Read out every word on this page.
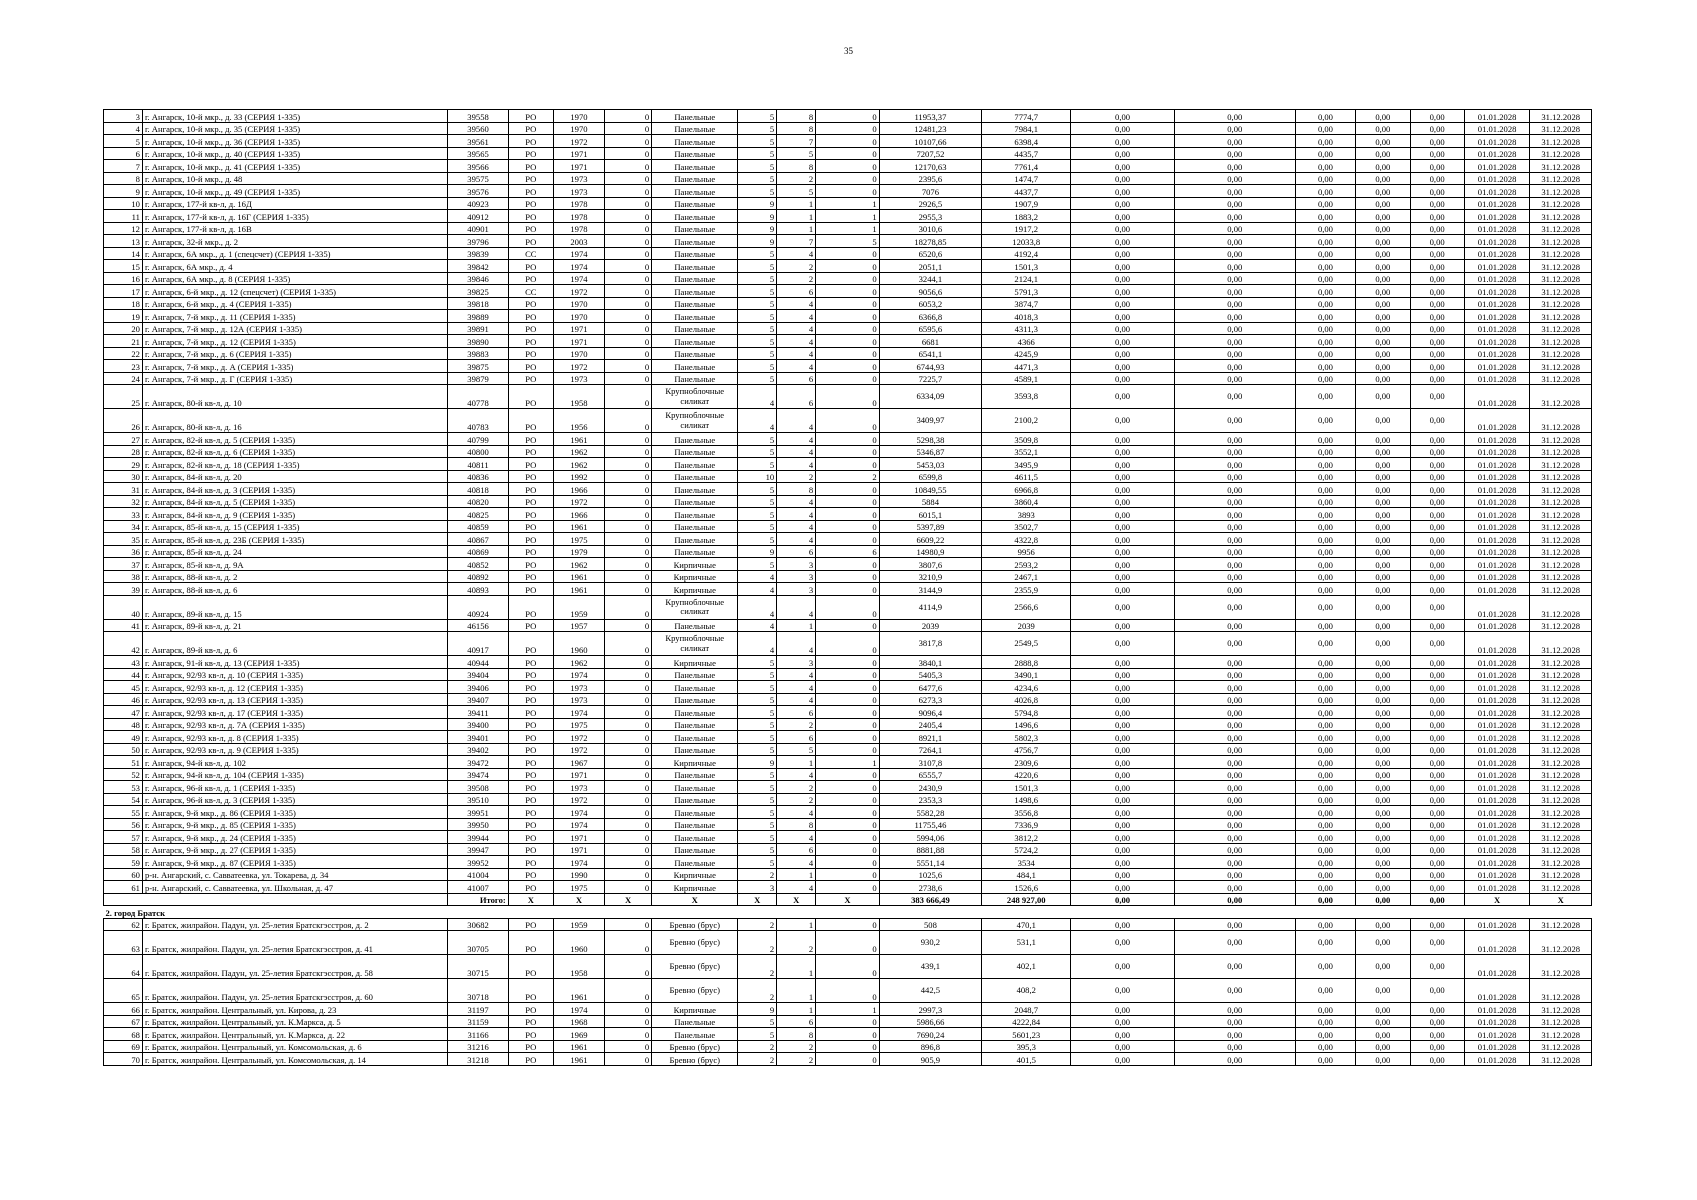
35
3	г. Ангарск, 10-й мкр., д. 33 (СЕРИЯ 1-335)	39558	РО	1970	0	Панельные	5	8	0	11953,37	7774,7	0,00	0,00	0,00	0,00	0,00	01.01.2028	31.12.2028
4	г. Ангарск, 10-й мкр., д. 35 (СЕРИЯ 1-335)	39560	РО	1970	0	Панельные	5	8	0	12481,23	7984,1	0,00	0,00	0,00	0,00	0,00	01.01.2028	31.12.2028
5	г. Ангарск, 10-й мкр., д. 36 (СЕРИЯ 1-335)	39561	РО	1972	0	Панельные	5	7	0	10107,66	6398,4	0,00	0,00	0,00	0,00	0,00	01.01.2028	31.12.2028
6	г. Ангарск, 10-й мкр., д. 40 (СЕРИЯ 1-335)	39565	РО	1971	0	Панельные	5	5	0	7207,52	4435,7	0,00	0,00	0,00	0,00	0,00	01.01.2028	31.12.2028
7	г. Ангарск, 10-й мкр., д. 41 (СЕРИЯ 1-335)	39566	РО	1971	0	Панельные	5	8	0	12170,63	7761,4	0,00	0,00	0,00	0,00	0,00	01.01.2028	31.12.2028
8	г. Ангарск, 10-й мкр., д. 48	39575	РО	1973	0	Панельные	5	2	0	2395,6	1474,7	0,00	0,00	0,00	0,00	0,00	01.01.2028	31.12.2028
9	г. Ангарск, 10-й мкр., д. 49 (СЕРИЯ 1-335)	39576	РО	1973	0	Панельные	5	5	0	7076	4437,7	0,00	0,00	0,00	0,00	0,00	01.01.2028	31.12.2028
10	г. Ангарск, 177-й кв-л, д. 16Д	40923	РО	1978	0	Панельные	9	1	1	2926,5	1907,9	0,00	0,00	0,00	0,00	0,00	01.01.2028	31.12.2028
11	г. Ангарск, 177-й кв-л, д. 16Г (СЕРИЯ 1-335)	40912	РО	1978	0	Панельные	9	1	1	2955,3	1883,2	0,00	0,00	0,00	0,00	0,00	01.01.2028	31.12.2028
12	г. Ангарск, 177-й кв-л, д. 16В	40901	РО	1978	0	Панельные	9	1	1	3010,6	1917,2	0,00	0,00	0,00	0,00	0,00	01.01.2028	31.12.2028
13	г. Ангарск, 32-й мкр., д. 2	39796	РО	2003	0	Панельные	9	7	5	18278,85	12033,8	0,00	0,00	0,00	0,00	0,00	01.01.2028	31.12.2028
14	г. Ангарск, 6А мкр., д. 1 (спецсчет) (СЕРИЯ 1-335)	39839	СС	1974	0	Панельные	5	4	0	6520,6	4192,4	0,00	0,00	0,00	0,00	0,00	01.01.2028	31.12.2028
15	г. Ангарск, 6А мкр., д. 4	39842	РО	1974	0	Панельные	5	2	0	2051,1	1501,3	0,00	0,00	0,00	0,00	0,00	01.01.2028	31.12.2028
16	г. Ангарск, 6А мкр., д. 8 (СЕРИЯ 1-335)	39846	РО	1974	0	Панельные	5	2	0	3244,1	2124,1	0,00	0,00	0,00	0,00	0,00	01.01.2028	31.12.2028
17	г. Ангарск, 6-й мкр., д. 12 (спецсчет) (СЕРИЯ 1-335)	39825	СС	1972	0	Панельные	5	6	0	9056,6	5791,3	0,00	0,00	0,00	0,00	0,00	01.01.2028	31.12.2028
18	г. Ангарск, 6-й мкр., д. 4 (СЕРИЯ 1-335)	39818	РО	1970	0	Панельные	5	4	0	6053,2	3874,7	0,00	0,00	0,00	0,00	0,00	01.01.2028	31.12.2028
19	г. Ангарск, 7-й мкр., д. 11 (СЕРИЯ 1-335)	39889	РО	1970	0	Панельные	5	4	0	6366,8	4018,3	0,00	0,00	0,00	0,00	0,00	01.01.2028	31.12.2028
20	г. Ангарск, 7-й мкр., д. 12А (СЕРИЯ 1-335)	39891	РО	1971	0	Панельные	5	4	0	6595,6	4311,3	0,00	0,00	0,00	0,00	0,00	01.01.2028	31.12.2028
21	г. Ангарск, 7-й мкр., д. 12 (СЕРИЯ 1-335)	39890	РО	1971	0	Панельные	5	4	0	6681	4366	0,00	0,00	0,00	0,00	0,00	01.01.2028	31.12.2028
22	г. Ангарск, 7-й мкр., д. 6 (СЕРИЯ 1-335)	39883	РО	1970	0	Панельные	5	4	0	6541,1	4245,9	0,00	0,00	0,00	0,00	0,00	01.01.2028	31.12.2028
23	г. Ангарск, 7-й мкр., д. А (СЕРИЯ 1-335)	39875	РО	1972	0	Панельные	5	4	0	6744,93	4471,3	0,00	0,00	0,00	0,00	0,00	01.01.2028	31.12.2028
24	г. Ангарск, 7-й мкр., д. Г (СЕРИЯ 1-335)	39879	РО	1973	0	Панельные	5	6	0	7225,7	4589,1	0,00	0,00	0,00	0,00	0,00	01.01.2028	31.12.2028
25	г. Ангарск, 80-й кв-л, д. 10	40778	РО	1958	0	Крупноблочные силикат	4	6	0	6334,09	3593,8	0,00	0,00	0,00	0,00	0,00	01.01.2028	31.12.2028
26	г. Ангарск, 80-й кв-л, д. 16	40783	РО	1956	0	Крупноблочные силикат	4	4	0	3409,97	2100,2	0,00	0,00	0,00	0,00	0,00	01.01.2028	31.12.2028
27	г. Ангарск, 82-й кв-л, д. 5 (СЕРИЯ 1-335)	40799	РО	1961	0	Панельные	5	4	0	5298,38	3509,8	0,00	0,00	0,00	0,00	0,00	01.01.2028	31.12.2028
28	г. Ангарск, 82-й кв-л, д. 6 (СЕРИЯ 1-335)	40800	РО	1962	0	Панельные	5	4	0	5346,87	3552,1	0,00	0,00	0,00	0,00	0,00	01.01.2028	31.12.2028
29	г. Ангарск, 82-й кв-л, д. 18 (СЕРИЯ 1-335)	40811	РО	1962	0	Панельные	5	4	0	5453,03	3495,9	0,00	0,00	0,00	0,00	0,00	01.01.2028	31.12.2028
30	г. Ангарск, 84-й кв-л, д. 20	40836	РО	1992	0	Панельные	10	2	2	6599,8	4611,5	0,00	0,00	0,00	0,00	0,00	01.01.2028	31.12.2028
31	г. Ангарск, 84-й кв-л, д. 3 (СЕРИЯ 1-335)	40818	РО	1966	0	Панельные	5	8	0	10849,55	6966,8	0,00	0,00	0,00	0,00	0,00	01.01.2028	31.12.2028
32	г. Ангарск, 84-й кв-л, д. 5 (СЕРИЯ 1-335)	40820	РО	1972	0	Панельные	5	4	0	5884	3860,4	0,00	0,00	0,00	0,00	0,00	01.01.2028	31.12.2028
33	г. Ангарск, 84-й кв-л, д. 9 (СЕРИЯ 1-335)	40825	РО	1966	0	Панельные	5	4	0	6015,1	3893	0,00	0,00	0,00	0,00	0,00	01.01.2028	31.12.2028
34	г. Ангарск, 85-й кв-л, д. 15 (СЕРИЯ 1-335)	40859	РО	1961	0	Панельные	5	4	0	5397,89	3502,7	0,00	0,00	0,00	0,00	0,00	01.01.2028	31.12.2028
35	г. Ангарск, 85-й кв-л, д. 23Б (СЕРИЯ 1-335)	40867	РО	1975	0	Панельные	5	4	0	6609,22	4322,8	0,00	0,00	0,00	0,00	0,00	01.01.2028	31.12.2028
36	г. Ангарск, 85-й кв-л, д. 24	40869	РО	1979	0	Панельные	9	6	6	14980,9	9956	0,00	0,00	0,00	0,00	0,00	01.01.2028	31.12.2028
37	г. Ангарск, 85-й кв-л, д. 9А	40852	РО	1962	0	Кирпичные	5	3	0	3807,6	2593,2	0,00	0,00	0,00	0,00	0,00	01.01.2028	31.12.2028
38	г. Ангарск, 88-й кв-л, д. 2	40892	РО	1961	0	Кирпичные	4	3	0	3210,9	2467,1	0,00	0,00	0,00	0,00	0,00	01.01.2028	31.12.2028
39	г. Ангарск, 88-й кв-л, д. 6	40893	РО	1961	0	Кирпичные	4	3	0	3144,9	2355,9	0,00	0,00	0,00	0,00	0,00	01.01.2028	31.12.2028
40	г. Ангарск, 89-й кв-л, д. 15	40924	РО	1959	0	Крупноблочные силикат	4	4	0	4114,9	2566,6	0,00	0,00	0,00	0,00	0,00	01.01.2028	31.12.2028
41	г. Ангарск, 89-й кв-л, д. 21	46156	РО	1957	0	Панельные	4	1	0	2039	2039	0,00	0,00	0,00	0,00	0,00	01.01.2028	31.12.2028
42	г. Ангарск, 89-й кв-л, д. 6	40917	РО	1960	0	Крупноблочные силикат	4	4	0	3817,8	2549,5	0,00	0,00	0,00	0,00	0,00	01.01.2028	31.12.2028
43	г. Ангарск, 91-й кв-л, д. 13 (СЕРИЯ 1-335)	40944	РО	1962	0	Кирпичные	5	3	0	3840,1	2888,8	0,00	0,00	0,00	0,00	0,00	01.01.2028	31.12.2028
44	г. Ангарск, 92/93 кв-л, д. 10 (СЕРИЯ 1-335)	39404	РО	1974	0	Панельные	5	4	0	5405,3	3490,1	0,00	0,00	0,00	0,00	0,00	01.01.2028	31.12.2028
45	г. Ангарск, 92/93 кв-л, д. 12 (СЕРИЯ 1-335)	39406	РО	1973	0	Панельные	5	4	0	6477,6	4234,6	0,00	0,00	0,00	0,00	0,00	01.01.2028	31.12.2028
46	г. Ангарск, 92/93 кв-л, д. 13 (СЕРИЯ 1-335)	39407	РО	1973	0	Панельные	5	4	0	6273,3	4026,8	0,00	0,00	0,00	0,00	0,00	01.01.2028	31.12.2028
47	г. Ангарск, 92/93 кв-л, д. 17 (СЕРИЯ 1-335)	39411	РО	1974	0	Панельные	5	6	0	9096,4	5794,8	0,00	0,00	0,00	0,00	0,00	01.01.2028	31.12.2028
48	г. Ангарск, 92/93 кв-л, д. 7А (СЕРИЯ 1-335)	39400	РО	1975	0	Панельные	5	2	0	2405,4	1496,6	0,00	0,00	0,00	0,00	0,00	01.01.2028	31.12.2028
49	г. Ангарск, 92/93 кв-л, д. 8 (СЕРИЯ 1-335)	39401	РО	1972	0	Панельные	5	6	0	8921,1	5802,3	0,00	0,00	0,00	0,00	0,00	01.01.2028	31.12.2028
50	г. Ангарск, 92/93 кв-л, д. 9 (СЕРИЯ 1-335)	39402	РО	1972	0	Панельные	5	5	0	7264,1	4756,7	0,00	0,00	0,00	0,00	0,00	01.01.2028	31.12.2028
51	г. Ангарск, 94-й кв-л, д. 102	39472	РО	1967	0	Кирпичные	9	1	1	3107,8	2309,6	0,00	0,00	0,00	0,00	0,00	01.01.2028	31.12.2028
52	г. Ангарск, 94-й кв-л, д. 104 (СЕРИЯ 1-335)	39474	РО	1971	0	Панельные	5	4	0	6555,7	4220,6	0,00	0,00	0,00	0,00	0,00	01.01.2028	31.12.2028
53	г. Ангарск, 96-й кв-л, д. 1 (СЕРИЯ 1-335)	39508	РО	1973	0	Панельные	5	2	0	2430,9	1501,3	0,00	0,00	0,00	0,00	0,00	01.01.2028	31.12.2028
54	г. Ангарск, 96-й кв-л, д. 3 (СЕРИЯ 1-335)	39510	РО	1972	0	Панельные	5	2	0	2353,3	1498,6	0,00	0,00	0,00	0,00	0,00	01.01.2028	31.12.2028
55	г. Ангарск, 9-й мкр., д. 86 (СЕРИЯ 1-335)	39951	РО	1974	0	Панельные	5	4	0	5582,28	3556,8	0,00	0,00	0,00	0,00	0,00	01.01.2028	31.12.2028
56	г. Ангарск, 9-й мкр., д. 85 (СЕРИЯ 1-335)	39950	РО	1974	0	Панельные	5	8	0	11755,46	7336,9	0,00	0,00	0,00	0,00	0,00	01.01.2028	31.12.2028
57	г. Ангарск, 9-й мкр., д. 24 (СЕРИЯ 1-335)	39944	РО	1971	0	Панельные	5	4	0	5994,06	3812,2	0,00	0,00	0,00	0,00	0,00	01.01.2028	31.12.2028
58	г. Ангарск, 9-й мкр., д. 27 (СЕРИЯ 1-335)	39947	РО	1971	0	Панельные	5	6	0	8881,88	5724,2	0,00	0,00	0,00	0,00	0,00	01.01.2028	31.12.2028
59	г. Ангарск, 9-й мкр., д. 87 (СЕРИЯ 1-335)	39952	РО	1974	0	Панельные	5	4	0	5551,14	3534	0,00	0,00	0,00	0,00	0,00	01.01.2028	31.12.2028
60	р-н. Ангарский, с. Савватеевка, ул. Токарева, д. 34	41004	РО	1990	0	Кирпичные	2	1	0	1025,6	484,1	0,00	0,00	0,00	0,00	0,00	01.01.2028	31.12.2028
61	р-н. Ангарский, с. Савватеевка, ул. Школьная, д. 47	41007	РО	1975	0	Кирпичные	3	4	0	2738,6	1526,6	0,00	0,00	0,00	0,00	0,00	01.01.2028	31.12.2028
		Итого:	X	X	X	X	X	X	X	383 666,49	248 927,00	0,00	0,00	0,00	0,00	0,00	X	X
2. город Братск																		
62	г. Братск, жилрайон. Падун, ул. 25-летия Братскгэсстроя, д. 2	30682	РО	1959	0	Бревно (брус)	2	1	0	508	470,1	0,00	0,00	0,00	0,00	0,00	01.01.2028	31.12.2028
63	г. Братск, жилрайон. Падун, ул. 25-летия Братскгэсстроя, д. 41	30705	РО	1960	0	Бревно (брус)	2	2	0	930,2	531,1	0,00	0,00	0,00	0,00	0,00	01.01.2028	31.12.2028
64	г. Братск, жилрайон. Падун, ул. 25-летия Братскгэсстроя, д. 58	30715	РО	1958	0	Бревно (брус)	2	1	0	439,1	402,1	0,00	0,00	0,00	0,00	0,00	01.01.2028	31.12.2028
65	г. Братск, жилрайон. Падун, ул. 25-летия Братскгэсстроя, д. 60	30718	РО	1961	0	Бревно (брус)	2	1	0	442,5	408,2	0,00	0,00	0,00	0,00	0,00	01.01.2028	31.12.2028
66	г. Братск, жилрайон. Центральный, ул. Кирова, д. 23	31197	РО	1974	0	Кирпичные	9	1	1	2997,3	2048,7	0,00	0,00	0,00	0,00	0,00	01.01.2028	31.12.2028
67	г. Братск, жилрайон. Центральный, ул. К.Маркса, д. 5	31159	РО	1968	0	Панельные	5	6	0	5986,66	4222,84	0,00	0,00	0,00	0,00	0,00	01.01.2028	31.12.2028
68	г. Братск, жилрайон. Центральный, ул. К.Маркса, д. 22	31166	РО	1969	0	Панельные	5	8	0	7690,24	5601,23	0,00	0,00	0,00	0,00	0,00	01.01.2028	31.12.2028
69	г. Братск, жилрайон. Центральный, ул. Комсомольская, д. 6	31216	РО	1961	0	Бревно (брус)	2	2	0	896,8	395,3	0,00	0,00	0,00	0,00	0,00	01.01.2028	31.12.2028
70	г. Братск, жилрайон. Центральный, ул. Комсомольская, д. 14	31218	РО	1961	0	Бревно (брус)	2	2	0	905,9	401,5	0,00	0,00	0,00	0,00	0,00	01.01.2028	31.12.2028
